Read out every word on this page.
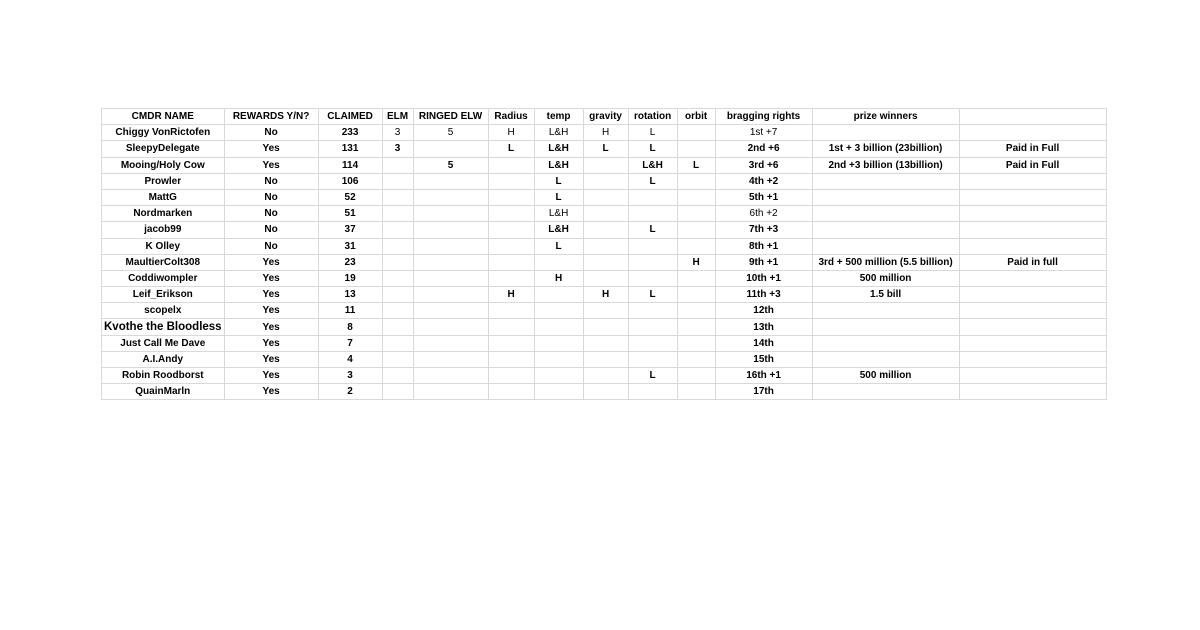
CMDR NAME	REWARDS Y/N?	CLAIMED	ELM	RINGED ELW	Radius	temp	gravity	rotation	orbit	bragging rights	prize winners	
Chiggy VonRictofen	No	233	3	5	H	L&H	H	L		1st +7		
SleepyDelegate	Yes	131	3		L	L&H	L	L		2nd +6	1st + 3 billion (23billion)	Paid in Full
Mooing/Holy Cow	Yes	114		5		L&H		L&H	L	3rd +6	2nd +3 billion (13billion)	Paid in Full
Prowler	No	106				L		L		4th +2		
MattG	No	52				L				5th +1		
Nordmarken	No	51				L&H				6th +2		
jacob99	No	37				L&H		L		7th +3		
K Olley	No	31				L				8th +1		
MaultierColt308	Yes	23							H	9th +1	3rd + 500 million (5.5 billion)	Paid in full
Coddiwompler	Yes	19				H				10th +1	500 million	
Leif_Erikson	Yes	13			H		H	L		11th +3	1.5 bill	
scopelx	Yes	11								12th		
Kvothe the Bloodless	Yes	8								13th		
Just Call Me Dave	Yes	7								14th		
A.I.Andy	Yes	4								15th		
Robin Roodborst	Yes	3						L		16th +1	500 million	
QuainMarln	Yes	2								17th		
